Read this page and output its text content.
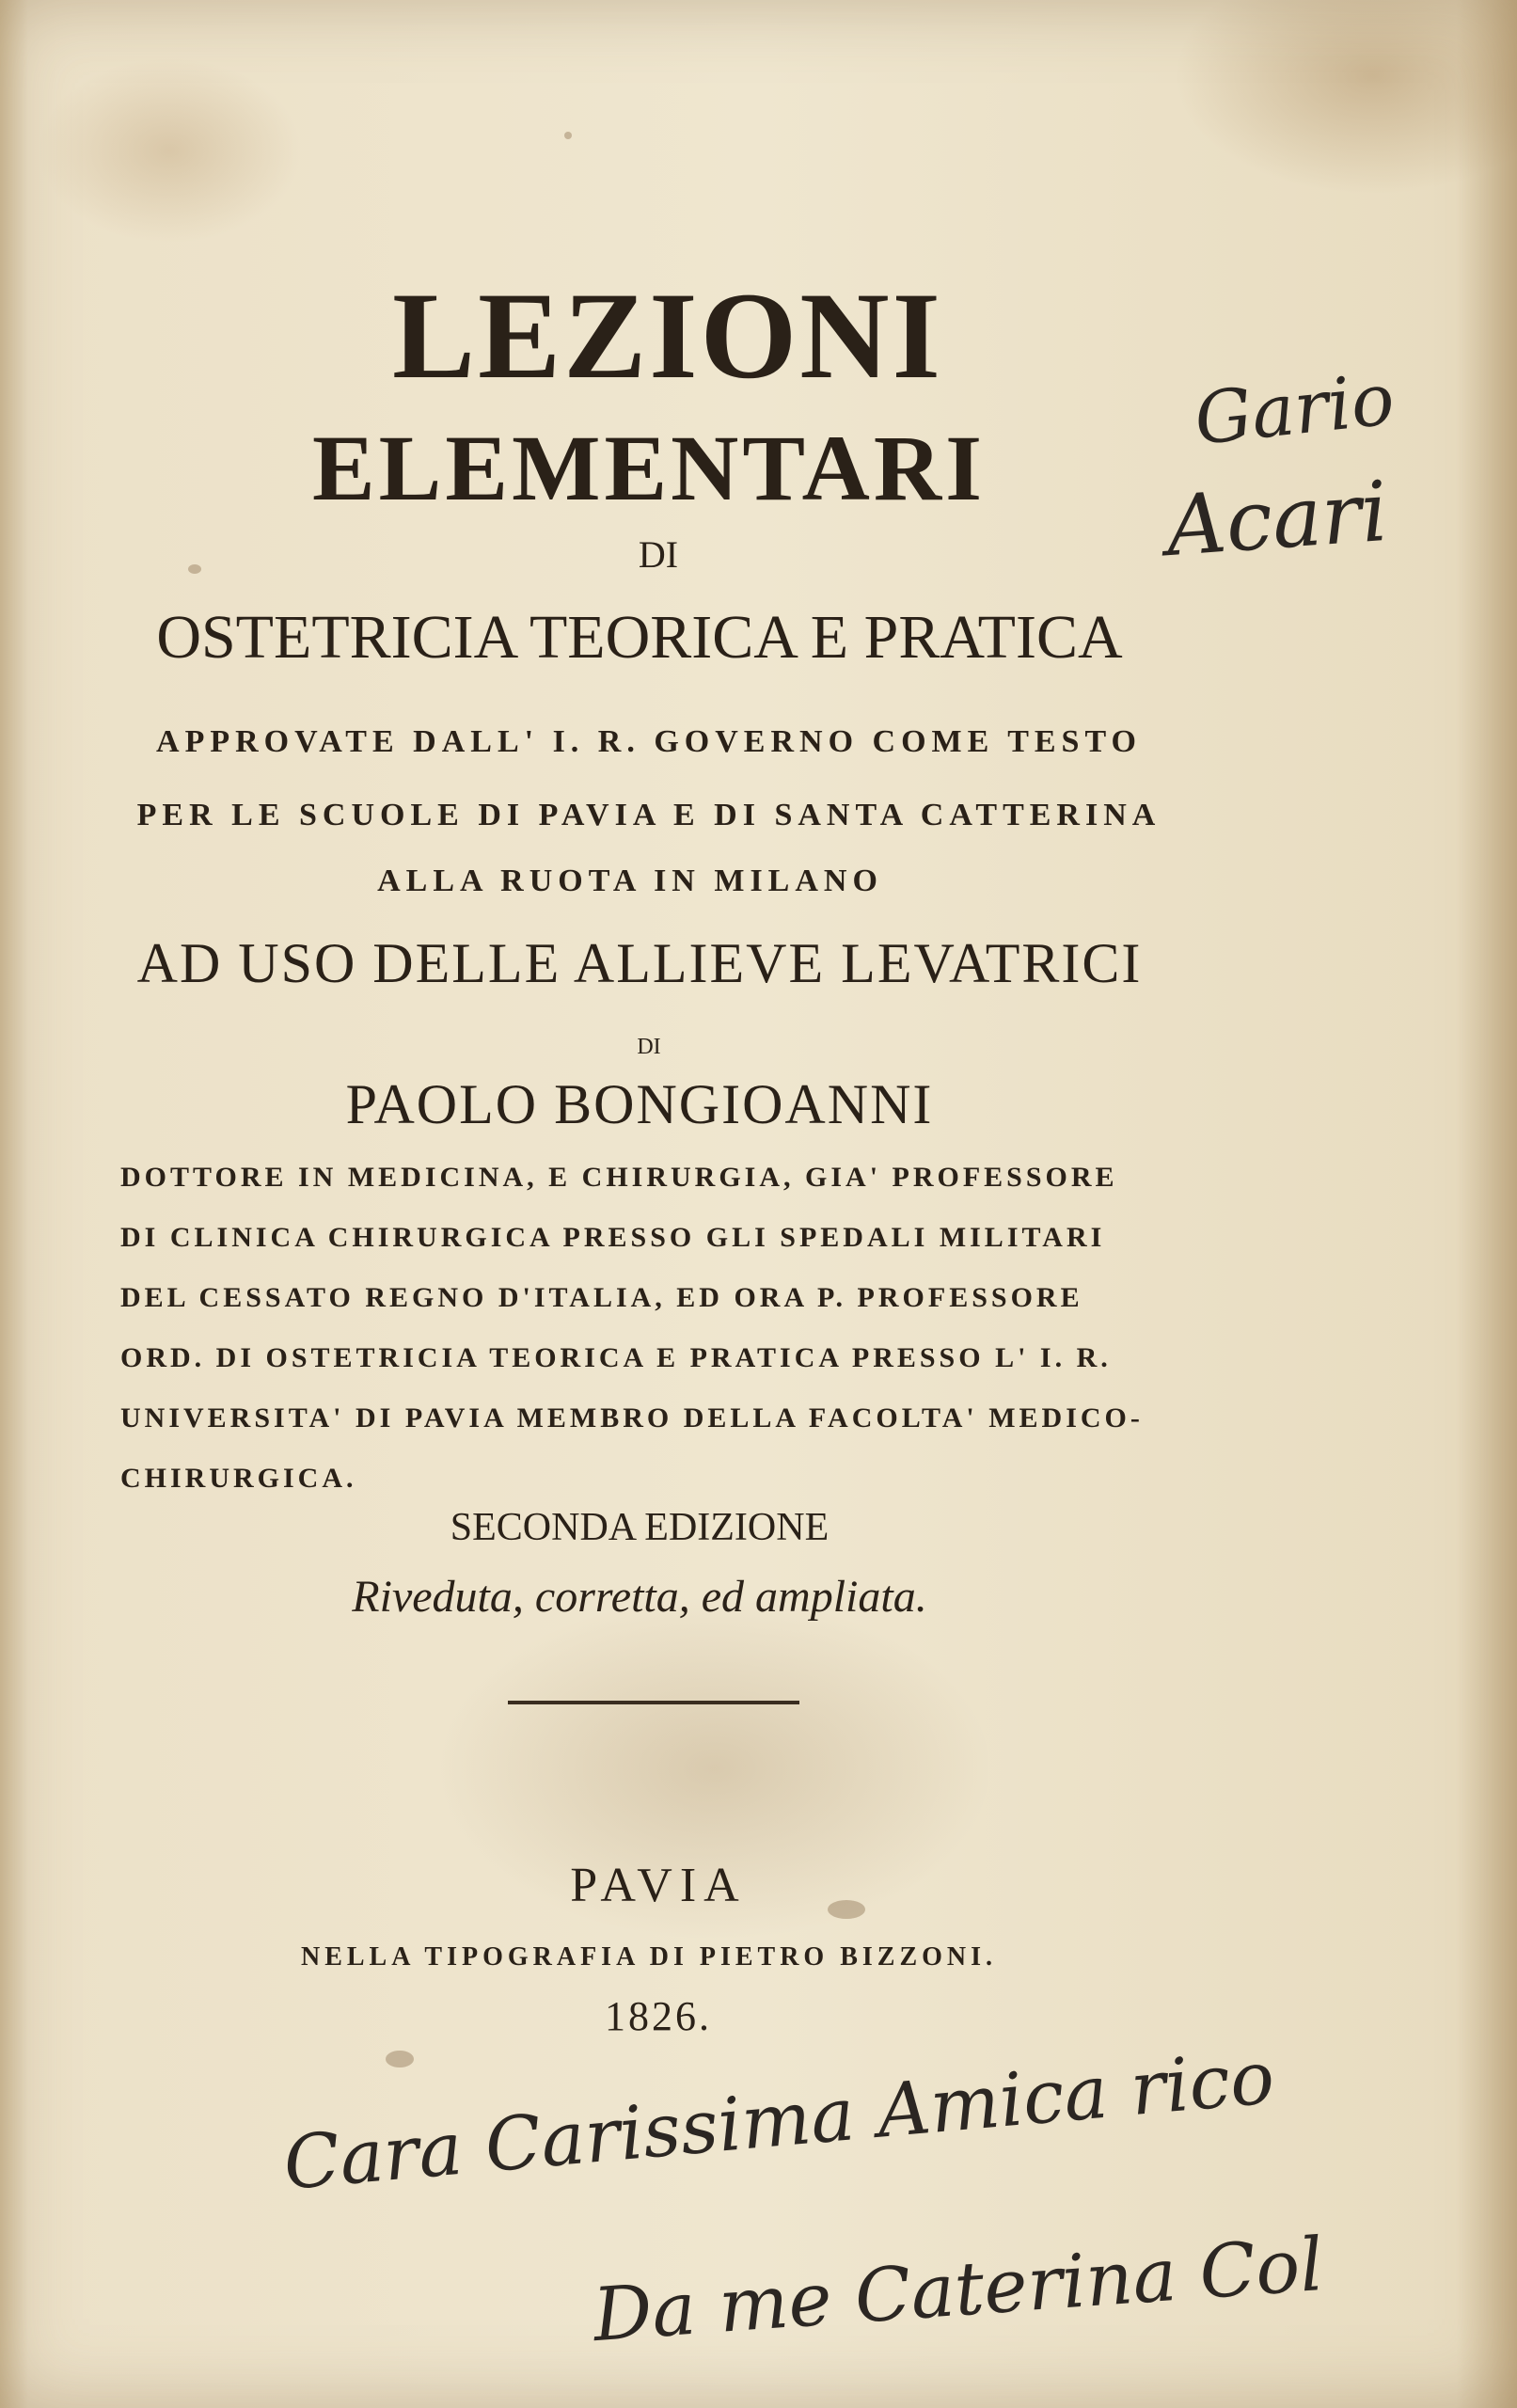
LEZIONI
ELEMENTARI
DI
OSTETRICIA TEORICA E PRATICA
APPROVATE DALL' I. R. GOVERNO COME TESTO
PER LE SCUOLE DI PAVIA E DI SANTA CATTERINA
ALLA RUOTA IN MILANO
AD USO DELLE ALLIEVE LEVATRICI
DI
PAOLO BONGIOANNI
DOTTORE IN MEDICINA, E CHIRURGIA, GIA' PROFESSORE
DI CLINICA CHIRURGICA PRESSO GLI SPEDALI MILITARI
DEL CESSATO REGNO D'ITALIA, ED ORA P. PROFESSORE
ORD. DI OSTETRICIA TEORICA E PRATICA PRESSO L' I. R.
UNIVERSITA' DI PAVIA MEMBRO DELLA FACOLTA' MEDICO-
CHIRURGICA.
SECONDA EDIZIONE
Riveduta, corretta, ed ampliata.
PAVIA
NELLA TIPOGRAFIA DI PIETRO BIZZONI.
1826.
Gario
Acari
Cara Carissima Amica rico
Da me Caterina Col
